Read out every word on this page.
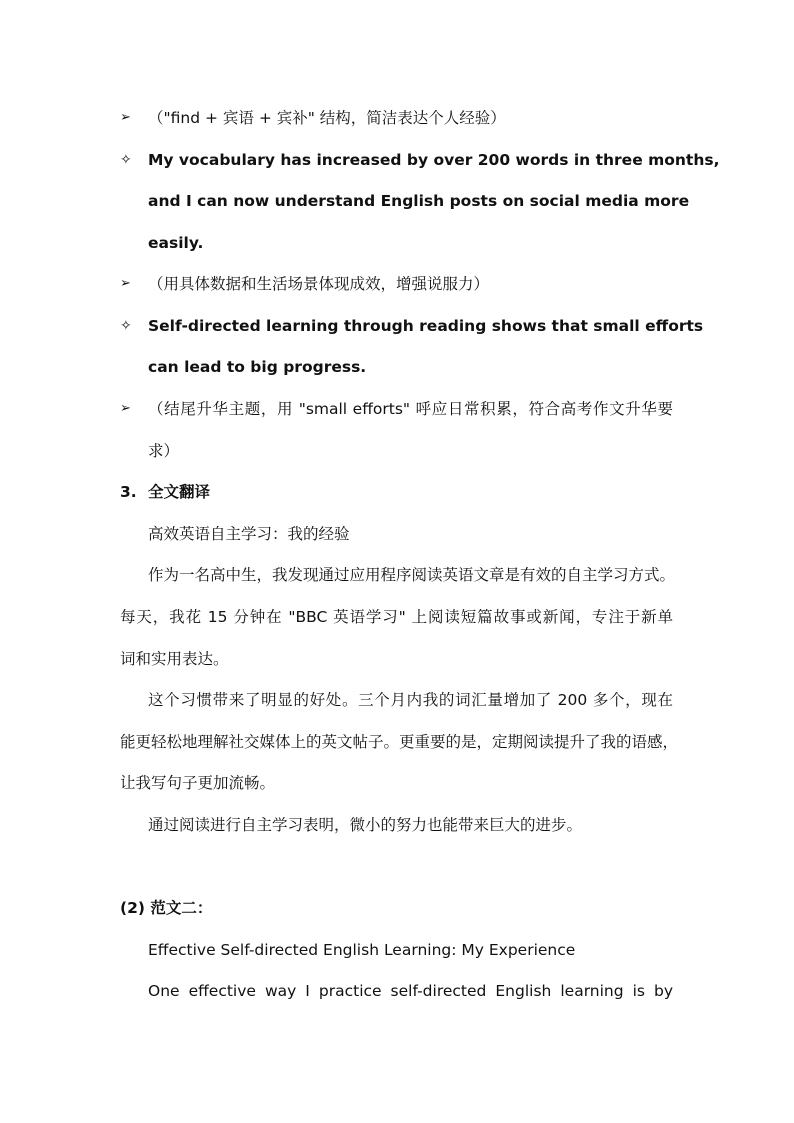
➢	（"find + 宾语 + 宾补" 结构，简洁表达个人经验）
✧	My vocabulary has increased by over 200 words in three months,
and I can now understand English posts on social media more
easily.
➢	（用具体数据和生活场景体现成效，增强说服力）
✧	Self-directed learning through reading shows that small efforts
can lead to big progress.
➢	（结尾升华主题，用 "small efforts" 呼应日常积累，符合高考作文升华要
求）
3. 全文翻译
高效英语自主学习：我的经验
作为一名高中生，我发现通过应用程序阅读英语文章是有效的自主学习方式。
每天，我花 15 分钟在 "BBC 英语学习" 上阅读短篇故事或新闻，专注于新单
词和实用表达。
这个习惯带来了明显的好处。三个月内我的词汇量增加了 200 多个，现在
能更轻松地理解社交媒体上的英文帖子。更重要的是，定期阅读提升了我的语感，
让我写句子更加流畅。
通过阅读进行自主学习表明，微小的努力也能带来巨大的进步。
(2) 范文二：
Effective Self-directed English Learning: My Experience
One effective way I practice self-directed English learning is by
